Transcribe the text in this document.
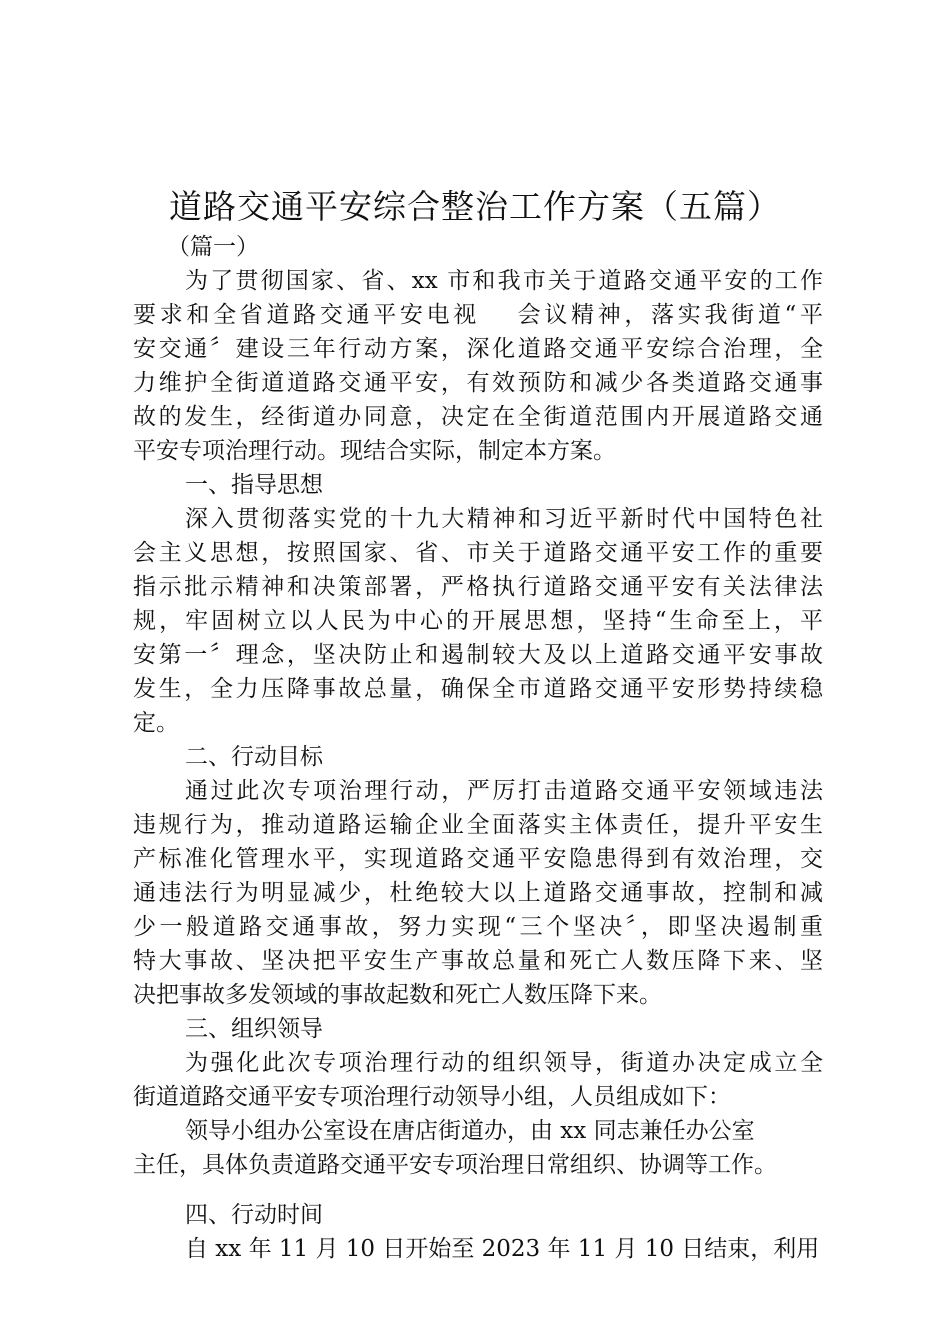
道路交通平安综合整治工作方案（五篇）
（篇一）
为了贯彻国家、省、xx 市和我市关于道路交通平安的工作
要求和全省道路交通平安电视　 会议精神，落实我街道“平
安交通〞建设三年行动方案，深化道路交通平安综合治理，全
力维护全街道道路交通平安，有效预防和减少各类道路交通事
故的发生，经街道办同意，决定在全街道范围内开展道路交通
平安专项治理行动。现结合实际，制定本方案。
一、指导思想
深入贯彻落实党的十九大精神和习近平新时代中国特色社
会主义思想，按照国家、省、市关于道路交通平安工作的重要
指示批示精神和决策部署，严格执行道路交通平安有关法律法
规，牢固树立以人民为中心的开展思想，坚持“生命至上，平
安第一〞理念，坚决防止和遏制较大及以上道路交通平安事故
发生，全力压降事故总量，确保全市道路交通平安形势持续稳
定。
二、行动目标
通过此次专项治理行动，严厉打击道路交通平安领域违法
违规行为，推动道路运输企业全面落实主体责任，提升平安生
产标准化管理水平，实现道路交通平安隐患得到有效治理，交
通违法行为明显减少，杜绝较大以上道路交通事故，控制和减
少一般道路交通事故，努力实现“三个坚决〞，即坚决遏制重
特大事故、坚决把平安生产事故总量和死亡人数压降下来、坚
决把事故多发领域的事故起数和死亡人数压降下来。
三、组织领导
为强化此次专项治理行动的组织领导，街道办决定成立全
街道道路交通平安专项治理行动领导小组，人员组成如下：
领导小组办公室设在唐店街道办，由 xx 同志兼任办公室
主任，具体负责道路交通平安专项治理日常组织、协调等工作。
四、行动时间
自 xx 年 11 月 10 日开始至 2023 年 11 月 10 日结束，利用
